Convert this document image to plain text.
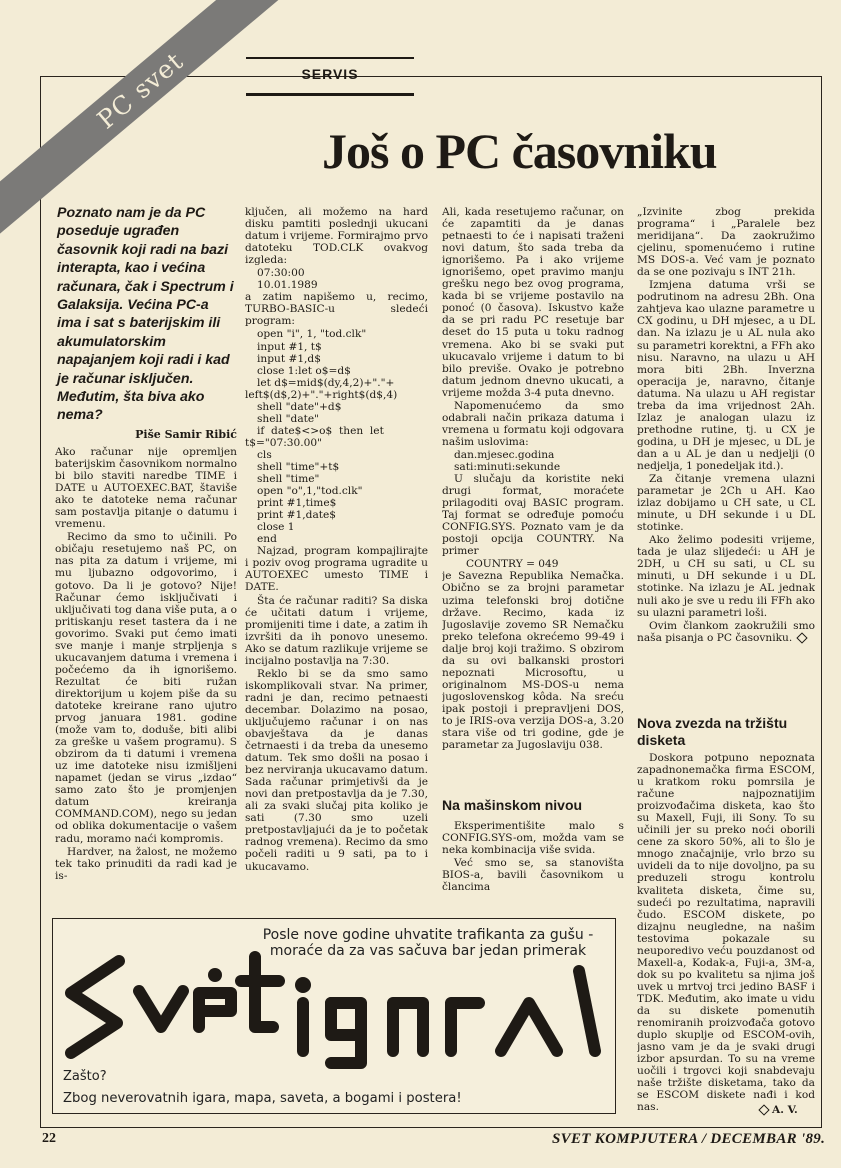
PC svet	SERVIS
Još o PC časovniku
Poznato nam je da PC poseduje ugrađen časovnik koji radi na bazi interapta, kao i većina računara, čak i Spectrum i Galaksija. Većina PC-a ima i sat s baterijskim ili akumulatorskim napajanjem koji radi i kad je računar isključen. Međutim, šta biva ako nema?
Piše Samir Ribić

Ako računar nije opremljen baterijskim časovnikom normalno bi bilo staviti naredbe TIME i DATE u AUTOEXEC.BAT, štaviše ako te datoteke nema računar sam postavlja pitanje o datumu i vremenu.

Recimo da smo to učinili. Po običaju resetujemo naš PC, on nas pita za datum i vrijeme, mi mu ljubazno odgovorimo, i gotovo. Da li je gotovo? Nije! Računar ćemo isključivati i uključivati tog dana više puta, a o pritiskanju reset tastera da i ne govorimo. Svaki put ćemo imati sve manje i manje strpljenja s ukucavanjem datuma i vremena i počećemo da ih ignorišemo. Rezultat će biti ružan direktorijum u kojem piše da su datoteke kreirane rano ujutro prvog januara 1981. godine (može vam to, doduše, biti alibi za greške u vašem programu). S obzirom da ti datumi i vremena uz ime datoteke nisu izmišljeni napamet (jedan se virus „izdao“ samo zato što je promjenjen datum kreiranja COMMAND.COM), nego su jedan od oblika dokumentacije o vašem radu, moramo naći kompromis.

Hardver, na žalost, ne možemo tek tako prinuditi da radi kad je is-

ključen, ali možemo na hard disku pamtiti poslednji ukucani datum i vrijeme. Formirajmo prvo datoteku TOD.CLK ovakvog izgleda:

07:30:00

10.01.1989

a zatim napišemo u, recimo, TURBO-BASIC-u sledeći program:

open "i", 1, "tod.clk"

input #1, t$

input #1,d$

close 1:let o$=d$

let d$=mid$(dy,4,2)+"."+

left$(d$,2)+"."+right$(d$,4)

shell "date"+d$

shell "date"

if  date$<>o$  then  let

t$="07:30.00"

cls

shell "time"+t$

shell "time"

open "o",1,"tod.clk"

print #1,time$

print #1,date$

close 1

end

Najzad, program kompajlirajte i poziv ovog programa ugradite u AUTOEXEC umesto TIME i DATE.

Šta će računar raditi? Sa diska će učitati datum i vrijeme, promijeniti time i date, a zatim ih izvršiti da ih ponovo unesemo. Ako se datum razlikuje vrijeme se incijalno postavlja na 7:30.

Reklo bi se da smo samo iskomplikovali stvar. Na primer, radni je dan, recimo petnaesti decembar. Dolazimo na posao, uključujemo računar i on nas obavještava da je danas četrnaesti i da treba da unesemo datum. Tek smo došli na posao i bez nerviranja ukucavamo datum. Sada računar primjetivši da je novi dan pretpostavlja da je 7.30, ali za svaki slučaj pita koliko je sati (7.30 smo uzeli pretpostavljajući da je to početak radnog vremena). Recimo da smo počeli raditi u 9 sati, pa to i ukucavamo.

Ali, kada resetujemo računar, on će zapamtiti da je danas petnaesti to će i napisati traženi novi datum, što sada treba da ignorišemo. Pa i ako vrijeme ignorišemo, opet pravimo manju grešku nego bez ovog programa, kada bi se vrijeme postavilo na ponoć (0 časova). Iskustvo kaže da se pri radu PC resetuje bar deset do 15 puta u toku radnog vremena. Ako bi se svaki put ukucavalo vrijeme i datum to bi bilo previše. Ovako je potrebno datum jednom dnevno ukucati, a vrijeme možda 3-4 puta dnevno.

Napomenućemo da smo odabrali način prikaza datuma i vremena u formatu koji odgovara našim uslovima:

dan.mjesec.godina

sati:minuti:sekunde

U slučaju da koristite neki drugi format, moraćete prilagoditi ovaj BASIC program. Taj format se određuje pomoću CONFIG.SYS. Poznato vam je da postoji opcija COUNTRY. Na primer

COUNTRY = 049

je Savezna Republika Nemačka. Obično se za brojni parametar uzima telefonski broj dotične države. Recimo, kada iz Jugoslavije zovemo SR Nemačku preko telefona okrećemo 99-49 i dalje broj koji tražimo. S obzirom da su ovi balkanski prostori nepoznati Microsoftu, u originalnom MS-DOS-u nema jugoslovenskog kôda. Na sreću ipak postoji i prepravljeni DOS, to je IRIS-ova verzija DOS-a, 3.20 stara više od tri godine, gde je parametar za Jugoslaviju 038.

Na mašinskom nivou

Eksperimentišite malo s CONFIG.SYS-om, možda vam se neka kombinacija više svida.

Već smo se, sa stanovišta BIOS-a, bavili časovnikom u člancima

„Izvinite zbog prekida programa“ i „Paralele bez meridijana“. Da zaokružimo cjelinu, spomenućemo i rutine MS DOS-a. Već vam je poznato da se one pozivaju s INT 21h.

Izmjena datuma vrši se podrutinom na adresu 2Bh. Ona zahtjeva kao ulazne parametre u CX godinu, u DH mjesec, a u DL dan. Na izlazu je u AL nula ako su parametri korektni, a FFh ako nisu. Naravno, na ulazu u AH mora biti 2Bh. Inverzna operacija je, naravno, čitanje datuma. Na ulazu u AH registar treba da ima vrijednost 2Ah. Izlaz je analogan ulazu iz prethodne rutine, tj. u CX je godina, u DH je mjesec, u DL je dan a u AL je dan u nedjelji (0 nedjelja, 1 ponedeljak itd.).

Za čitanje vremena ulazni parametar je 2Ch u AH. Kao izlaz dobijamo u CH sate, u CL minute, u DH sekunde i u DL stotinke.

Ako želimo podesiti vrijeme, tada je ulaz slijedeći: u AH je 2DH, u CH su sati, u CL su minuti, u DH sekunde i u DL stotinke. Na izlazu je AL jednak nuli ako je sve u redu ili FFh ako su ulazni parametri loši.

Ovim člankom zaokružili smo naša pisanja o PC časovniku.

Nova zvezda na tržištu disketa

Doskora potpuno nepoznata zapadnonemačka firma ESCOM, u kratkom roku pomrsila je račune najpoznatijim proizvođačima disketa, kao što su Maxell, Fuji, ili Sony. To su učinili jer su preko noći oborili cene za skoro 50%, ali to šlo je mnogo značajnije, vrlo brzo su uvideli da to nije dovoljno, pa su preduzeli strogu kontrolu kvaliteta disketa, čime su, sudeći po rezultatima, napravili čudo. ESCOM diskete, po dizajnu neugledne, na našim testovima pokazale su neuporedivo veću pouzdanost od Maxell-a, Kodak-a, Fuji-a, 3M-a, dok su po kvalitetu sa njima još uvek u mrtvoj trci jedino BASF i TDK. Međutim, ako imate u vidu da su diskete pomenutih renomiranih proizvođača gotovo duplo skuplje od ESCOM-ovih, jasno vam je da je svaki drugi izbor apsurdan. To su na vreme uočili i trgovci koji snabdevaju naše tržište disketama, tako da se ESCOM diskete nađi i kod nas.	A. V.
Posle nove godine uhvatite trafikanta za gušu - moraće da za vas sačuva bar jedan primerak
Zašto?
Zbog neverovatnih igara, mapa, saveta, a bogami i postera!
22	SVET KOMPJUTERA / DECEMBAR '89.
